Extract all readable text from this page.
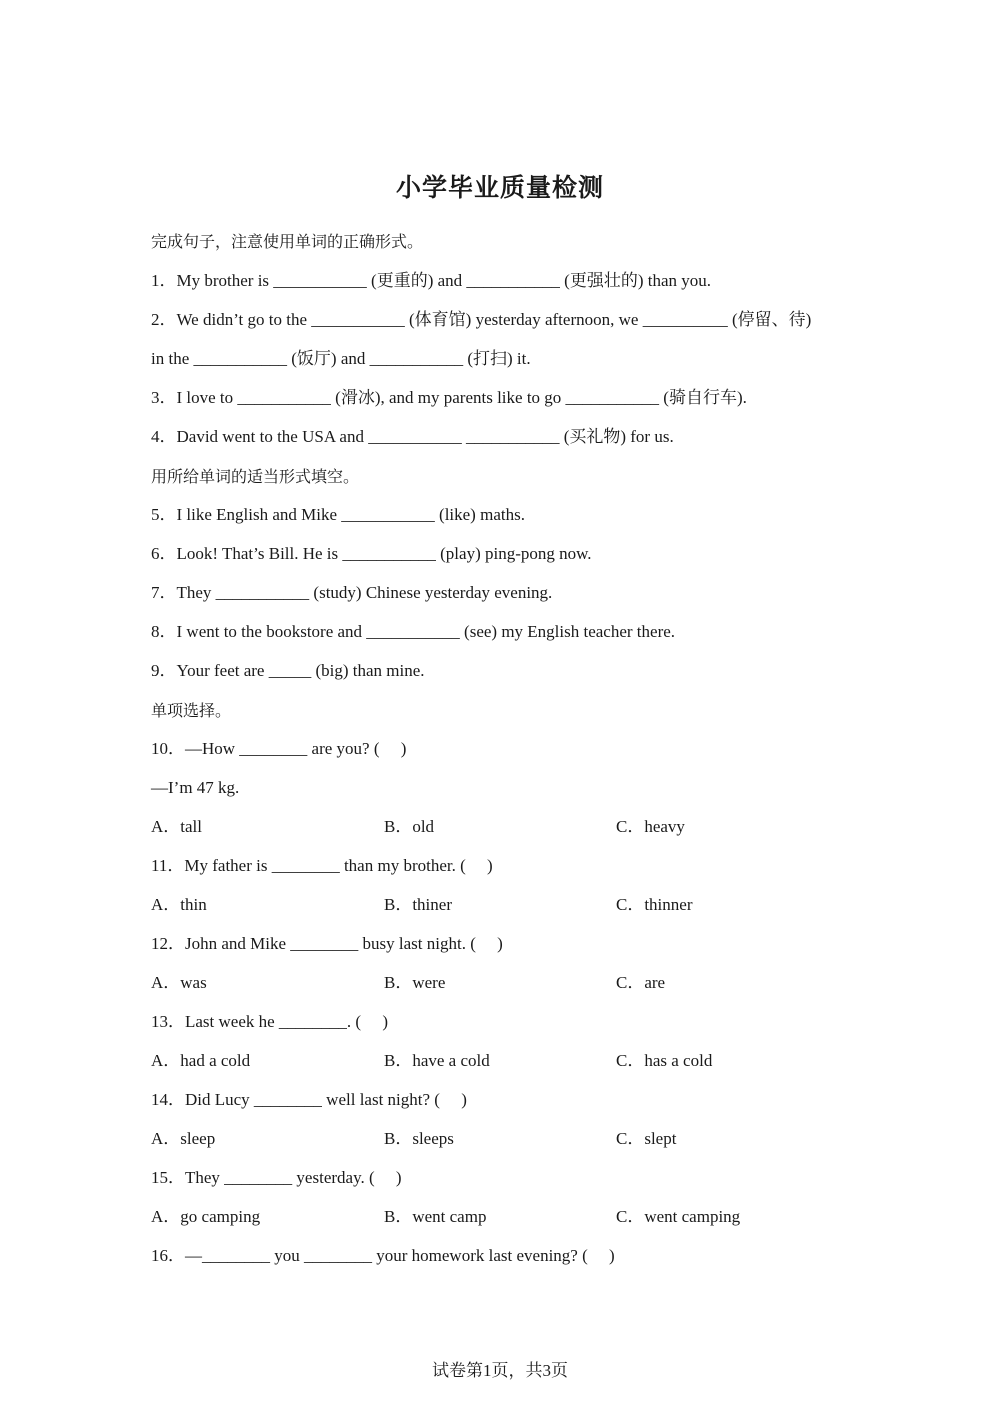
小学毕业质量检测
完成句子，注意使用单词的正确形式。
1．My brother is ___________ (更重的) and ___________ (更强壮的) than you.
2．We didn’t go to the ___________ (体育馆) yesterday afternoon, we __________ (停留、待)
in the ___________ (饭厅) and ___________ (打扫) it.
3．I love to ___________ (滑冰), and my parents like to go ___________ (骑自行车).
4．David went to the USA and ___________ ___________ (买礼物) for us.
用所给单词的适当形式填空。
5．I like English and Mike ___________ (like) maths.
6．Look! That’s Bill. He is ___________ (play) ping-pong now.
7．They ___________ (study) Chinese yesterday evening.
8．I went to the bookstore and ___________ (see) my English teacher there.
9．Your feet are _____ (big) than mine.
单项选择。
10．—How ________ are you? (　 )
—I’m 47 kg.
A．tall	B．old	C．heavy
11．My father is ________ than my brother. (　 )
A．thin	B．thiner	C．thinner
12．John and Mike ________ busy last night. (　 )
A．was	B．were	C．are
13．Last week he ________. (　 )
A．had a cold	B．have a cold	C．has a cold
14．Did Lucy ________ well last night? (　 )
A．sleep	B．sleeps	C．slept
15．They ________ yesterday. (　 )
A．go camping	B．went camp	C．went camping
16．—________ you ________ your homework last evening? (　 )
试卷第1页，共3页
